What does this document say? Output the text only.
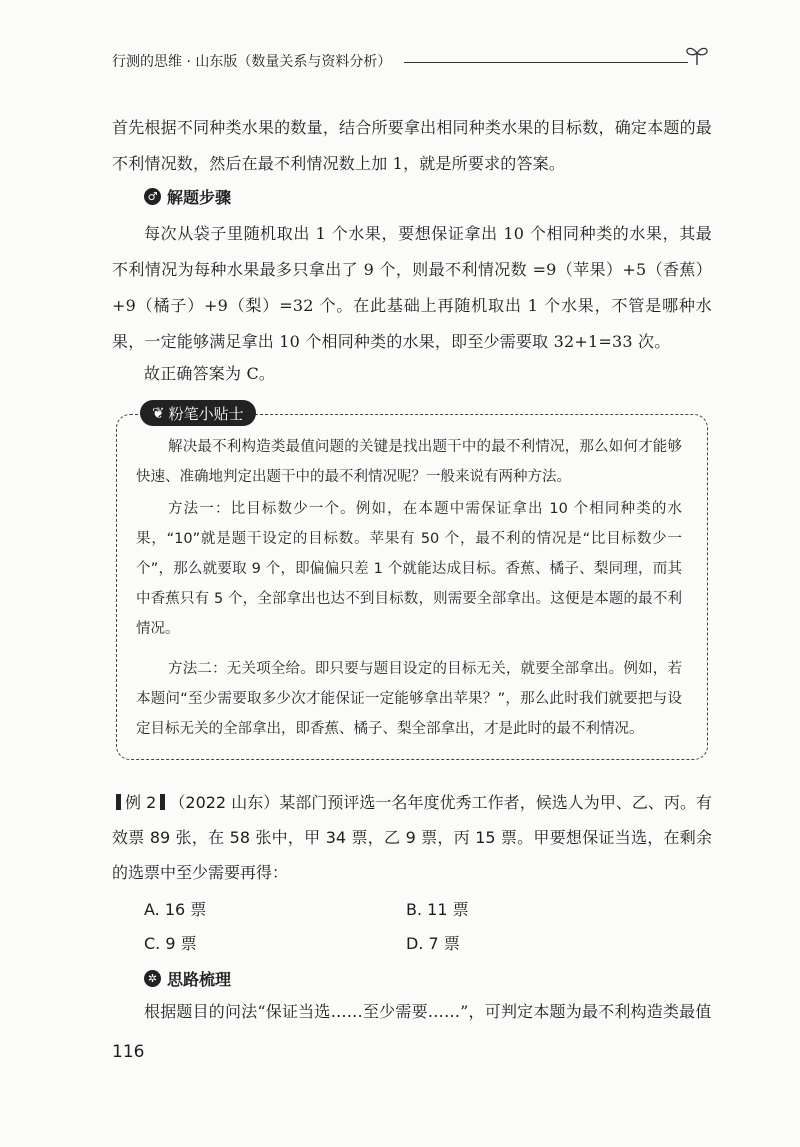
行测的思维 · 山东版（数量关系与资料分析）
首先根据不同种类水果的数量，结合所要拿出相同种类水果的目标数，确定本题的最不利情况数，然后在最不利情况数上加 1，就是所要求的答案。
♂ 解题步骤
每次从袋子里随机取出 1 个水果，要想保证拿出 10 个相同种类的水果，其最不利情况为每种水果最多只拿出了 9 个，则最不利情况数 =9（苹果）+5（香蕉）+9（橘子）+9（梨）=32 个。在此基础上再随机取出 1 个水果，不管是哪种水果，一定能够满足拿出 10 个相同种类的水果，即至少需要取 32+1=33 次。
故正确答案为 C。
❦ 粉笔小贴士
解决最不利构造类最值问题的关键是找出题干中的最不利情况，那么如何才能够快速、准确地判定出题干中的最不利情况呢？一般来说有两种方法。
方法一：比目标数少一个。例如，在本题中需保证拿出 10 个相同种类的水果，“10”就是题干设定的目标数。苹果有 50 个，最不利的情况是“比目标数少一个”，那么就要取 9 个，即偏偏只差 1 个就能达成目标。香蕉、橘子、梨同理，而其中香蕉只有 5 个，全部拿出也达不到目标数，则需要全部拿出。这便是本题的最不利情况。
方法二：无关项全给。即只要与题目设定的目标无关，就要全部拿出。例如，若本题问“至少需要取多少次才能保证一定能够拿出苹果？”，那么此时我们就要把与设定目标无关的全部拿出，即香蕉、橘子、梨全部拿出，才是此时的最不利情况。
例 2 （2022 山东）某部门预评选一名年度优秀工作者，候选人为甲、乙、丙。有效票 89 张，在 58 张中，甲 34 票，乙 9 票，丙 15 票。甲要想保证当选，在剩余的选票中至少需要再得：
A. 16 票	B. 11 票
C. 9 票	D. 7 票
✲ 思路梳理
根据题目的问法“保证当选……至少需要……”，可判定本题为最不利构造类最值
116
